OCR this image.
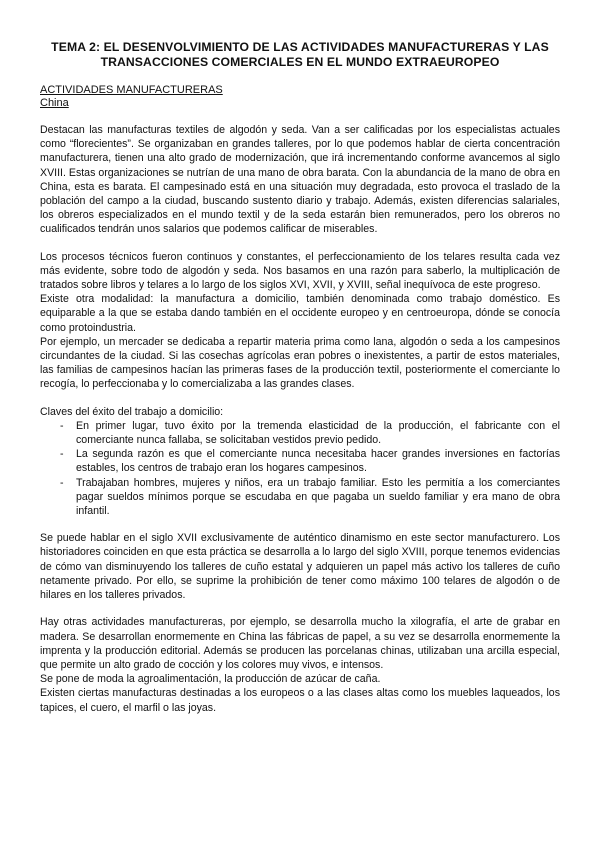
TEMA 2: EL DESENVOLVIMIENTO DE LAS ACTIVIDADES MANUFACTURERAS Y LAS
TRANSACCIONES COMERCIALES EN EL MUNDO EXTRAEUROPEO
ACTIVIDADES MANUFACTURERAS
China

Destacan las manufacturas textiles de algodón y seda. Van a ser calificadas por los especialistas actuales como “florecientes”. Se organizaban en grandes talleres, por lo que podemos hablar de cierta concentración manufacturera, tienen una alto grado de modernización, que irá incrementando conforme avancemos al siglo XVIII. Estas organizaciones se nutrían de una mano de obra barata. Con la abundancia de la mano de obra en China, esta es barata. El campesinado está en una situación muy degradada, esto provoca el traslado de la población del campo a la ciudad, buscando sustento diario y trabajo. Además, existen diferencias salariales, los obreros especializados en el mundo textil y de la seda estarán bien remunerados, pero los obreros no cualificados tendrán unos salarios que podemos calificar de miserables.

Los procesos técnicos fueron continuos y constantes, el perfeccionamiento de los telares resulta cada vez más evidente, sobre todo de algodón y seda. Nos basamos en una razón para saberlo, la multiplicación de tratados sobre libros y telares a lo largo de los siglos XVI, XVII, y XVIII, señal inequívoca de este progreso.

Existe otra modalidad: la manufactura a domicilio, también denominada como trabajo doméstico. Es equiparable a la que se estaba dando también en el occidente europeo y en centroeuropa, dónde se conocía como protoindustria.

Por ejemplo, un mercader se dedicaba a repartir materia prima como lana, algodón o seda a los campesinos circundantes de la ciudad. Si las cosechas agrícolas eran pobres o inexistentes, a partir de estos materiales, las familias de campesinos hacían las primeras fases de la producción textil, posteriormente el comerciante lo recogía, lo perfeccionaba y lo comercializaba a las grandes clases.

Claves del éxito del trabajo a domicilio:
- En primer lugar, tuvo éxito por la tremenda elasticidad de la producción, el fabricante con el comerciante nunca fallaba, se solicitaban vestidos previo pedido.
- La segunda razón es que el comerciante nunca necesitaba hacer grandes inversiones en factorías estables, los centros de trabajo eran los hogares campesinos.
- Trabajaban hombres, mujeres y niños, era un trabajo familiar. Esto les permitía a los comerciantes pagar sueldos mínimos porque se escudaba en que pagaba un sueldo familiar y era mano de obra infantil.

Se puede hablar en el siglo XVII exclusivamente de auténtico dinamismo en este sector manufacturero. Los historiadores coinciden en que esta práctica se desarrolla a lo largo del siglo XVIII, porque tenemos evidencias de cómo van disminuyendo los talleres de cuño estatal y adquieren un papel más activo los talleres de cuño netamente privado. Por ello, se suprime la prohibición de tener como máximo 100 telares de algodón o de hilares en los talleres privados.

Hay otras actividades manufactureras, por ejemplo, se desarrolla mucho la xilografía, el arte de grabar en madera. Se desarrollan enormemente en China las fábricas de papel, a su vez se desarrolla enormemente la imprenta y la producción editorial. Además se producen las porcelanas chinas, utilizaban una arcilla especial, que permite un alto grado de cocción y los colores muy vivos, e intensos.

Se pone de moda la agroalimentación, la producción de azúcar de caña.

Existen ciertas manufacturas destinadas a los europeos o a las clases altas como los muebles laqueados, los tapices, el cuero, el marfil o las joyas.
